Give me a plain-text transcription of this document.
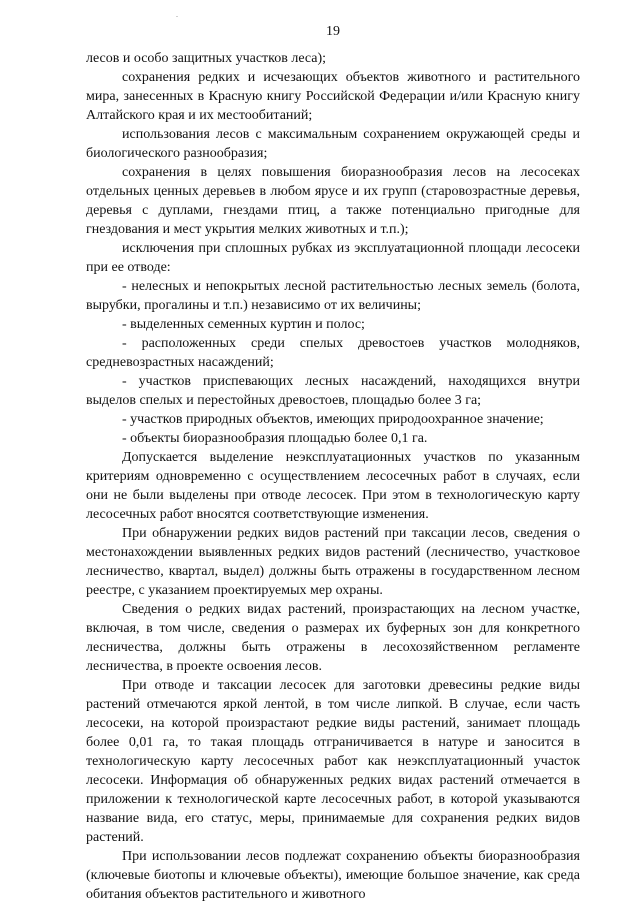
19

лесов и особо защитных участков леса);

сохранения редких и исчезающих объектов животного и растительного мира, занесенных в Красную книгу Российской Федерации и/или Красную книгу Алтайского края и их местообитаний;

использования лесов с максимальным сохранением окружающей среды и биологического разнообразия;

сохранения в целях повышения биоразнообразия лесов на лесосеках отдельных ценных деревьев в любом ярусе и их групп (старовозрастные деревья, деревья с дуплами, гнездами птиц, а также потенциально пригодные для гнездования и мест укрытия мелких животных и т.п.);

исключения при сплошных рубках из эксплуатационной площади лесосеки при ее отводе:

- нелесных и непокрытых лесной растительностью лесных земель (болота, вырубки, прогалины и т.п.) независимо от их величины;

- выделенных семенных куртин и полос;

- расположенных среди спелых древостоев участков молодняков, средневозрастных насаждений;

- участков приспевающих лесных насаждений, находящихся внутри выделов спелых и перестойных древостоев, площадью более 3 га;

- участков природных объектов, имеющих природоохранное значение;

- объекты биоразнообразия площадью более 0,1 га.

Допускается выделение неэксплуатационных участков по указанным критериям одновременно с осуществлением лесосечных работ в случаях, если они не были выделены при отводе лесосек. При этом в технологическую карту лесосечных работ вносятся соответствующие изменения.

При обнаружении редких видов растений при таксации лесов, сведения о местонахождении выявленных редких видов растений (лесничество, участковое лесничество, квартал, выдел) должны быть отражены в государственном лесном реестре, с указанием проектируемых мер охраны.

Сведения о редких видах растений, произрастающих на лесном участке, включая, в том числе, сведения о размерах их буферных зон для конкретного лесничества, должны быть отражены в лесохозяйственном регламенте лесничества, в проекте освоения лесов.

При отводе и таксации лесосек для заготовки древесины редкие виды растений отмечаются яркой лентой, в том числе липкой. В случае, если часть лесосеки, на которой произрастают редкие виды растений, занимает площадь более 0,01 га, то такая площадь отграничивается в натуре и заносится в технологическую карту лесосечных работ как неэксплуатационный участок лесосеки. Информация об обнаруженных редких видах растений отмечается в приложении к технологической карте лесосечных работ, в которой указываются название вида, его статус, меры, принимаемые для сохранения редких видов растений.

При использовании лесов подлежат сохранению объекты биоразнообразия (ключевые биотопы и ключевые объекты), имеющие большое значение, как среда обитания объектов растительного и животного
